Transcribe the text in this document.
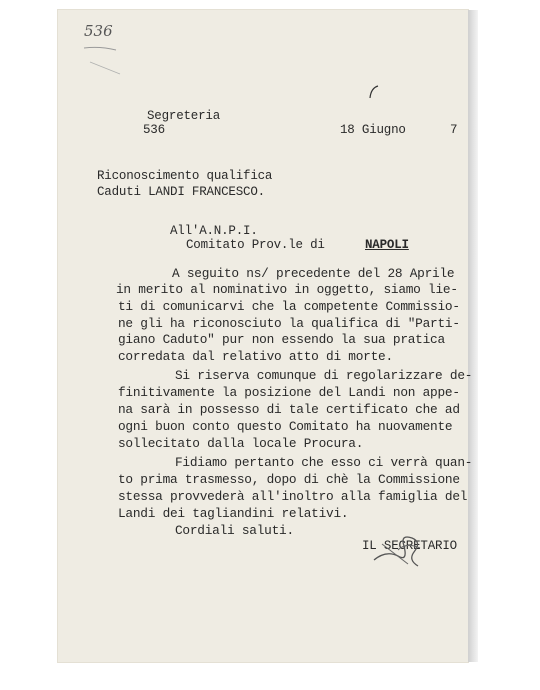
536
Segreteria
536	18 Giugno	7
Riconoscimento qualifica
Caduti LANDI FRANCESCO.
All'A.N.P.I.
Comitato Prov.le di	NAPOLI
A seguito ns/ precedente del 28 Aprile
in merito al nominativo in oggetto, siamo lie-
ti di comunicarvi che la competente Commissio-
ne gli ha riconosciuto la qualifica di "Parti-
giano Caduto" pur non essendo la sua pratica
corredata dal relativo atto di morte.
Si riserva comunque di regolarizzare de-
finitivamente la posizione del Landi non appe-
na sarà in possesso di tale certificato che ad
ogni buon conto questo Comitato ha nuovamente
sollecitato dalla locale Procura.
Fidiamo pertanto che esso ci verrà quan-
to prima trasmesso, dopo di chè la Commissione
stessa provvederà all'inoltro alla famiglia del
Landi dei tagliandini relativi.
Cordiali saluti.
IL SECRETARIO
